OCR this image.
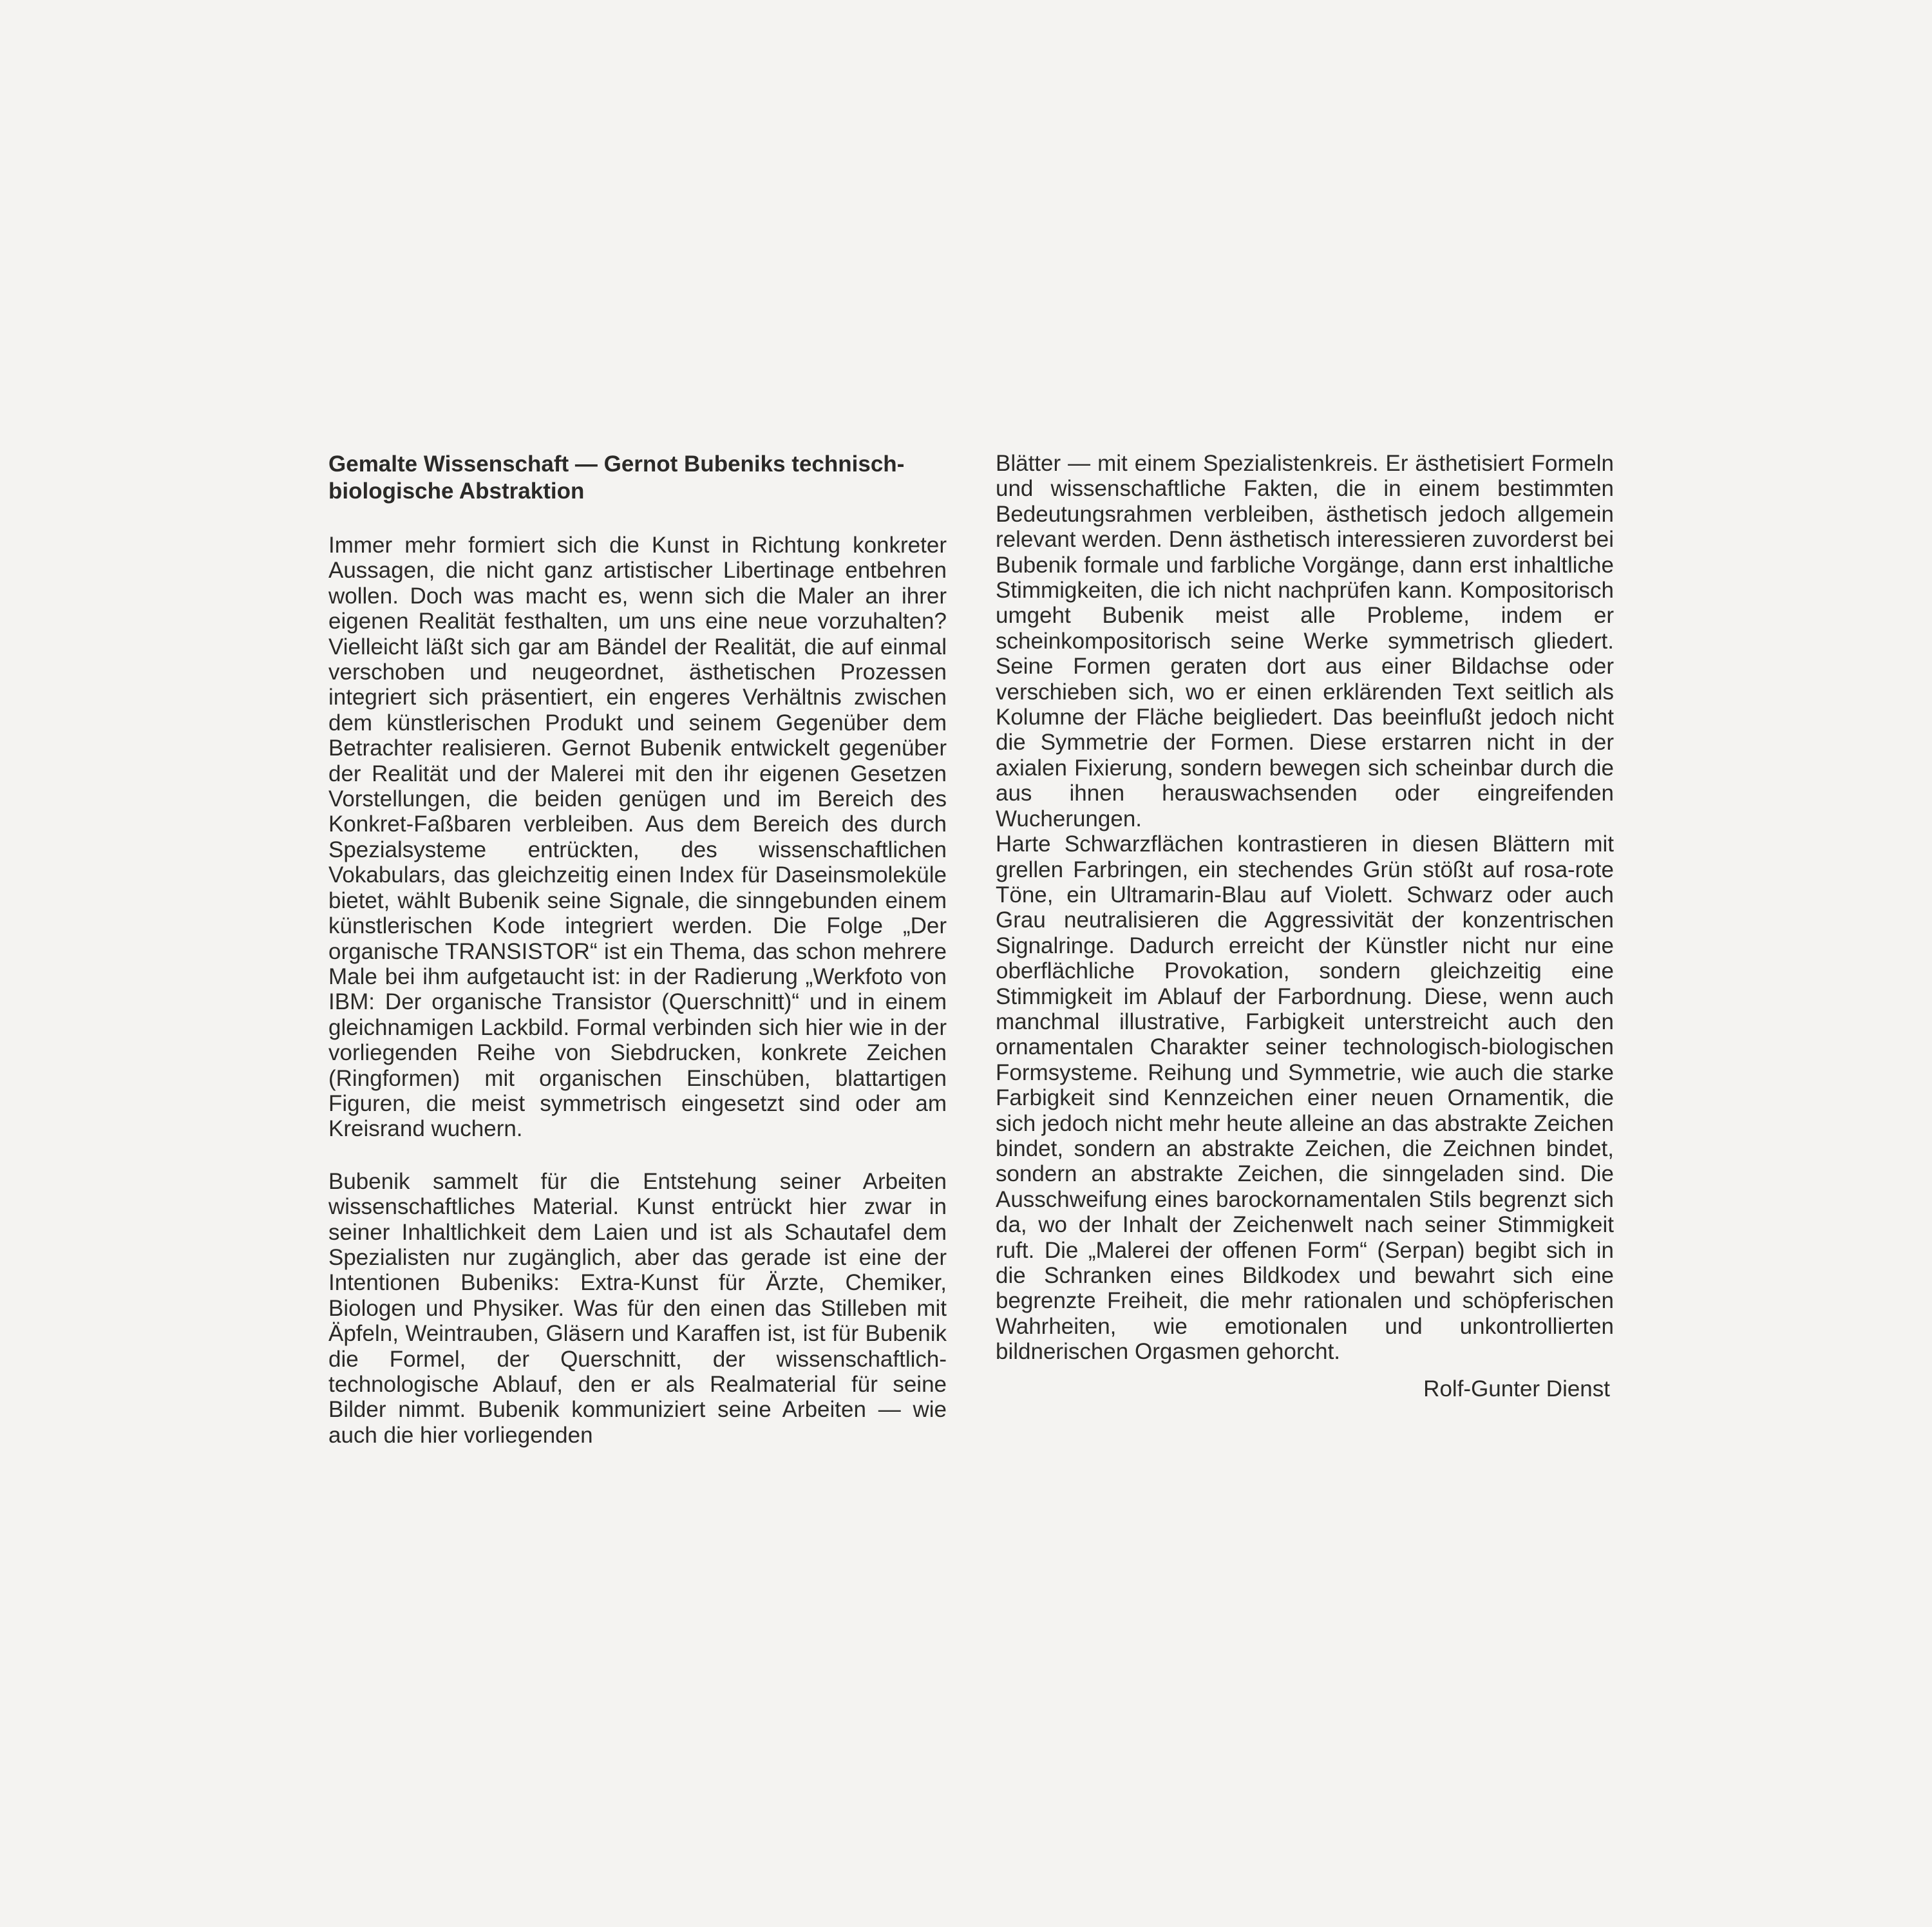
Gemalte Wissenschaft — Gernot Bubeniks technisch-biologische Abstraktion

Immer mehr formiert sich die Kunst in Richtung konkreter Aussagen, die nicht ganz artistischer Libertinage entbehren wollen. Doch was macht es, wenn sich die Maler an ihrer eigenen Realität festhalten, um uns eine neue vorzuhalten? Vielleicht läßt sich gar am Bändel der Realität, die auf einmal verschoben und neugeordnet, ästhetischen Prozessen integriert sich präsentiert, ein engeres Verhältnis zwischen dem künstlerischen Produkt und seinem Gegenüber dem Betrachter realisieren. Gernot Bubenik entwickelt gegenüber der Realität und der Malerei mit den ihr eigenen Gesetzen Vorstellungen, die beiden genügen und im Bereich des Konkret-Faßbaren verbleiben. Aus dem Bereich des durch Spezialsysteme entrückten, des wissenschaftlichen Vokabulars, das gleichzeitig einen Index für Daseinsmoleküle bietet, wählt Bubenik seine Signale, die sinngebunden einem künstlerischen Kode integriert werden. Die Folge „Der organische TRANSISTOR“ ist ein Thema, das schon mehrere Male bei ihm aufgetaucht ist: in der Radierung „Werkfoto von IBM: Der organische Transistor (Querschnitt)“ und in einem gleichnamigen Lackbild. Formal verbinden sich hier wie in der vorliegenden Reihe von Siebdrucken, konkrete Zeichen (Ringformen) mit organischen Einschüben, blattartigen Figuren, die meist symmetrisch eingesetzt sind oder am Kreisrand wuchern.

Bubenik sammelt für die Entstehung seiner Arbeiten wissenschaftliches Material. Kunst entrückt hier zwar in seiner Inhaltlichkeit dem Laien und ist als Schautafel dem Spezialisten nur zugänglich, aber das gerade ist eine der Intentionen Bubeniks: Extra-Kunst für Ärzte, Chemiker, Biologen und Physiker. Was für den einen das Stilleben mit Äpfeln, Weintrauben, Gläsern und Karaffen ist, ist für Bubenik die Formel, der Querschnitt, der wissenschaftlich-technologische Ablauf, den er als Realmaterial für seine Bilder nimmt. Bubenik kommuniziert seine Arbeiten — wie auch die hier vorliegenden

Blätter — mit einem Spezialistenkreis. Er ästhetisiert Formeln und wissenschaftliche Fakten, die in einem bestimmten Bedeutungsrahmen verbleiben, ästhetisch jedoch allgemein relevant werden. Denn ästhetisch interessieren zuvorderst bei Bubenik formale und farbliche Vorgänge, dann erst inhaltliche Stimmigkeiten, die ich nicht nachprüfen kann. Kompositorisch umgeht Bubenik meist alle Probleme, indem er scheinkompositorisch seine Werke symmetrisch gliedert. Seine Formen geraten dort aus einer Bildachse oder verschieben sich, wo er einen erklärenden Text seitlich als Kolumne der Fläche beigliedert. Das beeinflußt jedoch nicht die Symmetrie der Formen. Diese erstarren nicht in der axialen Fixierung, sondern bewegen sich scheinbar durch die aus ihnen herauswachsenden oder eingreifenden Wucherungen.

Harte Schwarzflächen kontrastieren in diesen Blättern mit grellen Farbringen, ein stechendes Grün stößt auf rosa-rote Töne, ein Ultramarin-Blau auf Violett. Schwarz oder auch Grau neutralisieren die Aggressivität der konzentrischen Signalringe. Dadurch erreicht der Künstler nicht nur eine oberflächliche Provokation, sondern gleichzeitig eine Stimmigkeit im Ablauf der Farbordnung. Diese, wenn auch manchmal illustrative, Farbigkeit unterstreicht auch den ornamentalen Charakter seiner technologisch-biologischen Formsysteme. Reihung und Symmetrie, wie auch die starke Farbigkeit sind Kennzeichen einer neuen Ornamentik, die sich jedoch nicht mehr heute alleine an das abstrakte Zeichen bindet, sondern an abstrakte Zeichen, die Zeichnen bindet, sondern an abstrakte Zeichen, die sinngeladen sind. Die Ausschweifung eines barockornamentalen Stils begrenzt sich da, wo der Inhalt der Zeichenwelt nach seiner Stimmigkeit ruft. Die „Malerei der offenen Form“ (Serpan) begibt sich in die Schranken eines Bildkodex und bewahrt sich eine begrenzte Freiheit, die mehr rationalen und schöpferischen Wahrheiten, wie emotionalen und unkontrollierten bildnerischen Orgasmen gehorcht.

Rolf-Gunter Dienst
